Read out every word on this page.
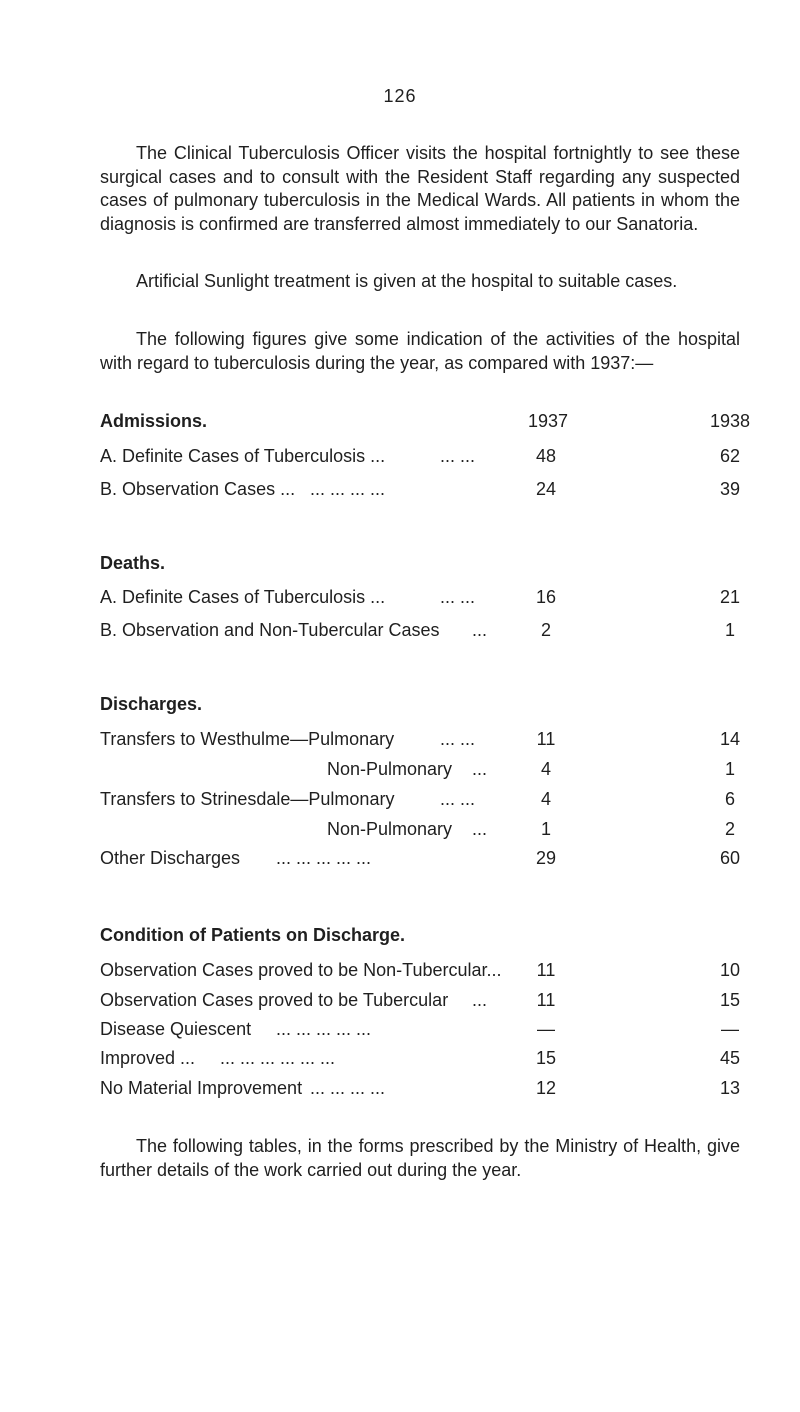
126

The Clinical Tuberculosis Officer visits the hospital fortnightly to see these surgical cases and to consult with the Resident Staff regarding any suspected cases of pulmonary tuberculosis in the Medical Wards. All patients in whom the diagnosis is confirmed are transferred almost immediately to our Sanatoria.

Artificial Sunlight treatment is given at the hospital to suitable cases.

The following figures give some indication of the activities of the hospital with regard to tuberculosis during the year, as compared with 1937:—

Admissions.	1937	1938
A. Definite Cases of Tuberculosis ...	... ...	48	62
B. Observation Cases ... ... ... ... ...	24	39
Deaths.
A. Definite Cases of Tuberculosis ...	... ...	16	21
B. Observation and Non-Tubercular Cases ...	2	1
Discharges.
Transfers to Westhulme—Pulmonary	... ...	11	14
Non-Pulmonary ...	4	1
Transfers to Strinesdale—Pulmonary	... ...	4	6
Non-Pulmonary ...	1	2
Other Discharges ... ... ... ... ...	29	60
Condition of Patients on Discharge.
Observation Cases proved to be Non-Tubercular...	11	10
Observation Cases proved to be Tubercular ...	11	15
Disease Quiescent ... ... ... ... ...	—	—
Improved ... ... ... ... ... ... ...	15	45
No Material Improvement ... ... ... ...	12	13

The following tables, in the forms prescribed by the Ministry of Health, give further details of the work carried out during the year.
